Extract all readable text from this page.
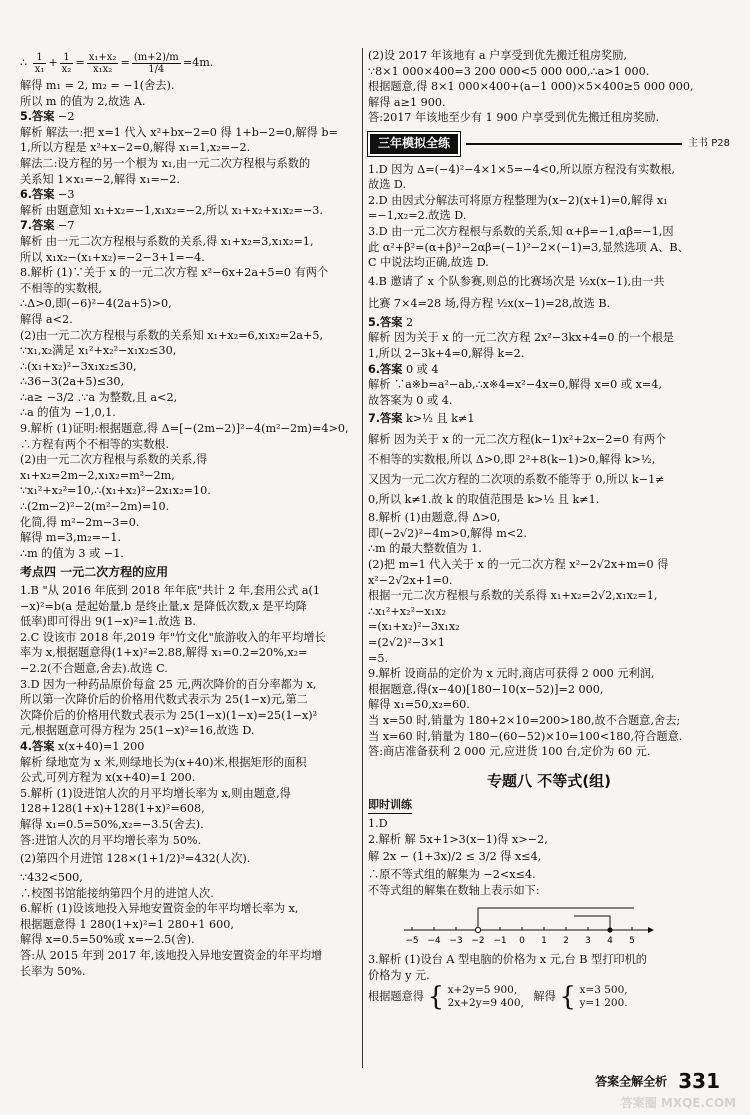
∴ $\frac{1}{\text{x₁}} + \frac{1}{\text{x₂}} = \frac{\text{x₁+x₂}}{\text{x₁x₂}} = \frac{(m+2)/m}{1/4} =4m$.
解得 m₁ = 2, m₂ = −1(舍去).
所以 m 的值为 2,故选 A.
5.答案 −2
解析 解法一:把 x=1 代入 x²+bx−2=0 得 1+b−2=0,解得 b=
1,所以方程是 x²+x−2=0,解得 x₁=1,x₂=−2.
解法二:设方程的另一个根为 x₁,由一元二次方程根与系数的
关系知 1×x₁=−2,解得 x₁=−2.
6.答案 −3
解析 由题意知 x₁+x₂=−1,x₁x₂=−2,所以 x₁+x₂+x₁x₂=−3.
7.答案 −7
解析 由一元二次方程根与系数的关系,得 x₁+x₂=3,x₁x₂=1,
所以 x₁x₂−(x₁+x₂)=−2−3+1=−4.
8.解析 (1)∵关于 x 的一元二次方程 x²−6x+2a+5=0 有两个
不相等的实数根,
∴Δ>0,即(−6)²−4(2a+5)>0,
解得 a<2.
(2)由一元二次方程根与系数的关系知 x₁+x₂=6,x₁x₂=2a+5,
∵x₁,x₂满足 x₁²+x₂²−x₁x₂≤30,
∴(x₁+x₂)²−3x₁x₂≤30,
∴36−3(2a+5)≤30,
∴a≥ −3/2 .∵a 为整数,且 a<2,
∴a 的值为 −1,0,1.
9.解析 (1)证明:根据题意,得 Δ=[−(2m−2)]²−4(m²−2m)=4>0,
∴方程有两个不相等的实数根.
(2)由一元二次方程根与系数的关系,得
x₁+x₂=2m−2,x₁x₂=m²−2m,
∵x₁²+x₂²=10,∴(x₁+x₂)²−2x₁x₂=10.
∴(2m−2)²−2(m²−2m)=10.
化简,得 m²−2m−3=0.
解得 m=3,m₂=−1.
∴m 的值为 3 或 −1.
考点四 一元二次方程的应用
1.B "从 2016 年底到 2018 年年底"共计 2 年,套用公式 a(1
−x)²=b(a 是起始量,b 是终止量,x 是降低次数,x 是平均降
低率)即可得出 9(1−x)²=1.故选 B.
2.C 设该市 2018 年,2019 年"竹文化"旅游收入的年平均增长
率为 x,根据题意得(1+x)²=2.88,解得 x₁=0.2=20%,x₂=
−2.2(不合题意,舍去).故选 C.
3.D 因为一种药品原价每盒 25 元,两次降价的百分率都为 x,
所以第一次降价后的价格用代数式表示为 25(1−x)元,第二
次降价后的价格用代数式表示为 25(1−x)(1−x)=25(1−x)²
元,根据题意可得方程为 25(1−x)²=16,故选 D.
4.答案 x(x+40)=1 200
解析 绿地宽为 x 米,则绿地长为(x+40)米,根据矩形的面积
公式,可列方程为 x(x+40)=1 200.
5.解析 (1)设进馆人次的月平均增长率为 x,则由题意,得
128+128(1+x)+128(1+x)²=608,
解得 x₁=0.5=50%,x₂=−3.5(舍去).
答:进馆人次的月平均增长率为 50%.
(2)第四个月进馆 128×(1+1/2)³=432(人次).
∵432<500,
∴校图书馆能接纳第四个月的进馆人次.
6.解析 (1)设该地投入异地安置资金的年平均增长率为 x,
根据题意得 1 280(1+x)²=1 280+1 600,
解得 x=0.5=50%或 x=−2.5(舍).
答:从 2015 年到 2017 年,该地投入异地安置资金的年平均增
长率为 50%.
(2)设 2017 年该地有 a 户享受到优先搬迁租房奖励,
∵8×1 000×400=3 200 000<5 000 000,∴a>1 000.
根据题意,得 8×1 000×400+(a−1 000)×5×400≥5 000 000,
解得 a≥1 900.
答:2017 年该地至少有 1 900 户享受到优先搬迁租房奖励.
三年模拟全练	主书 P28
1.D 因为 Δ=(−4)²−4×1×5=−4<0,所以原方程没有实数根,
故选 D.
2.D 由因式分解法可将原方程整理为(x−2)(x+1)=0,解得 x₁
=−1,x₂=2.故选 D.
3.D 由一元二次方程根与系数的关系,知 α+β=−1,αβ=−1,因
此 α²+β²=(α+β)²−2αβ=(−1)²−2×(−1)=3,显然选项 A、B、
C 中说法均正确,故选 D.
4.B 邀请了 x 个队参赛,则总的比赛场次是 ½x(x−1),由一共
比赛 7×4=28 场,得方程 ½x(x−1)=28,故选 B.
5.答案 2
解析 因为关于 x 的一元二次方程 2x²−3kx+4=0 的一个根是
1,所以 2−3k+4=0,解得 k=2.
6.答案 0 或 4
解析 ∵a※b=a²−ab,∴x※4=x²−4x=0,解得 x=0 或 x=4,
故答案为 0 或 4.
7.答案 k>½ 且 k≠1
解析 因为关于 x 的一元二次方程(k−1)x²+2x−2=0 有两个
不相等的实数根,所以 Δ>0,即 2²+8(k−1)>0,解得 k>½,
又因为一元二次方程的二次项的系数不能等于 0,所以 k−1≠
0,所以 k≠1.故 k 的取值范围是 k>½ 且 k≠1.
8.解析 (1)由题意,得 Δ>0,
即(−2√2)²−4m>0,解得 m<2.
∴m 的最大整数值为 1.
(2)把 m=1 代入关于 x 的一元二次方程 x²−2√2x+m=0 得
x²−2√2x+1=0.
根据一元二次方程根与系数的关系得 x₁+x₂=2√2,x₁x₂=1,
∴x₁²+x₂²−x₁x₂
=(x₁+x₂)²−3x₁x₂
=(2√2)²−3×1
=5.
9.解析 设商品的定价为 x 元时,商店可获得 2 000 元利润,
根据题意,得(x−40)[180−10(x−52)]=2 000,
解得 x₁=50,x₂=60.
当 x=50 时,销量为 180+2×10=200>180,故不合题意,舍去;
当 x=60 时,销量为 180−(60−52)×10=100<180,符合题意.
答:商店准备获利 2 000 元,应进货 100 台,定价为 60 元.
专题八 不等式(组)
即时训练
1.D
2.解析 解 5x+1>3(x−1)得 x>−2,
解 2x − (1+3x)/2 ≤ 3/2 得 x≤4,
∴原不等式组的解集为 −2<x≤4.
不等式组的解集在数轴上表示如下:
−5 −4 −3 −2 −1 0 1 2 3 4 5
3.解析 (1)设台 A 型电脑的价格为 x 元,台 B 型打印机的
价格为 y 元.
根据题意得 { x+2y=5 900,
2x+2y=9 400, 解得 { x=3 500,
y=1 200.
答案全解全析 331
答案圈 MXQE.COM
